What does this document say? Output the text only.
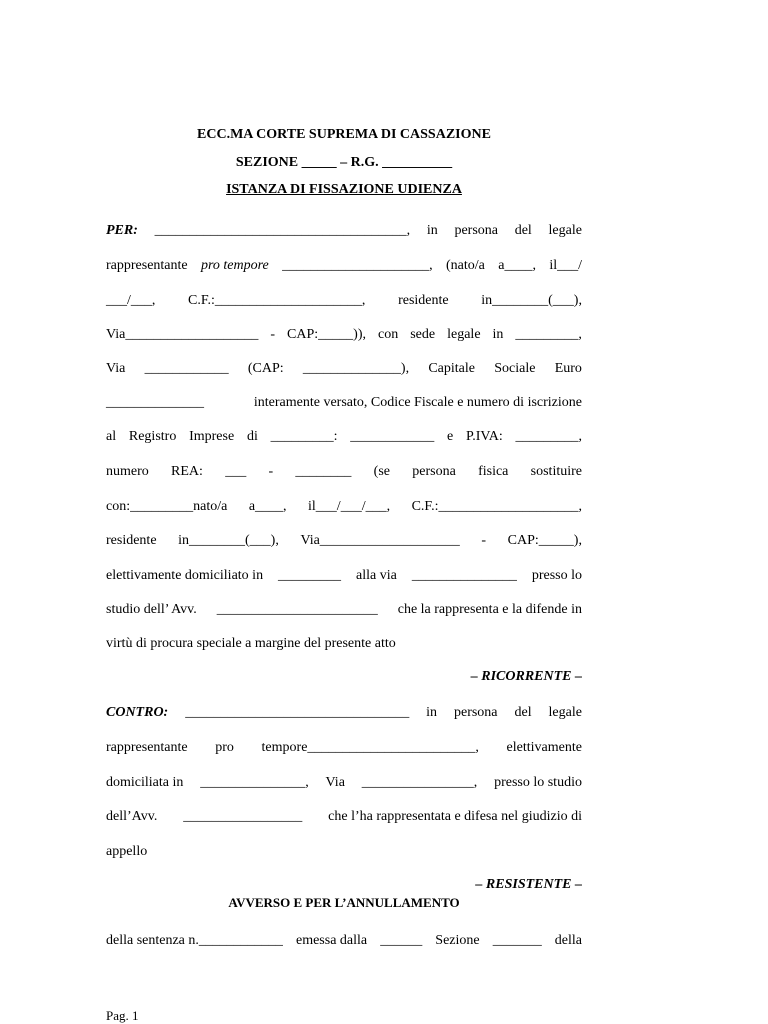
ECC.MA CORTE SUPREMA DI CASSAZIONE
SEZIONE _____ – R.G. __________
ISTANZA DI FISSAZIONE UDIENZA
PER: ____________________________________, in persona del legale
rappresentante pro tempore _____________________, (nato/a a____, il___/
___/___, C.F.:_____________________, residente in________(___),
Via___________________ - CAP:_____)), con sede legale in _________,
Via ____________ (CAP: ______________), Capitale Sociale Euro
______________	interamente versato, Codice Fiscale e numero di iscrizione
al Registro Imprese di _________: ____________ e P.IVA: _________,
numero REA: ___ - ________ (se persona fisica sostituire
con:_________nato/a a____, il___/___/___, C.F.:____________________,
residente in________(___), Via____________________ - CAP:_____),
elettivamente domiciliato in _________ alla via _______________ presso lo
studio dell’ Avv. _______________________ che la rappresenta e la difende in
virtù di procura speciale a margine del presente atto
– RICORRENTE –
CONTRO: ________________________________ in persona del legale
rappresentante pro tempore________________________, elettivamente
domiciliata in _______________, Via ________________, presso lo studio
dell’Avv. _________________ che l’ha rappresentata e difesa nel giudizio di
appello
– RESISTENTE –
AVVERSO E PER L’ANNULLAMENTO
della sentenza n.____________ emessa dalla ______ Sezione _______ della
Pag. 1
